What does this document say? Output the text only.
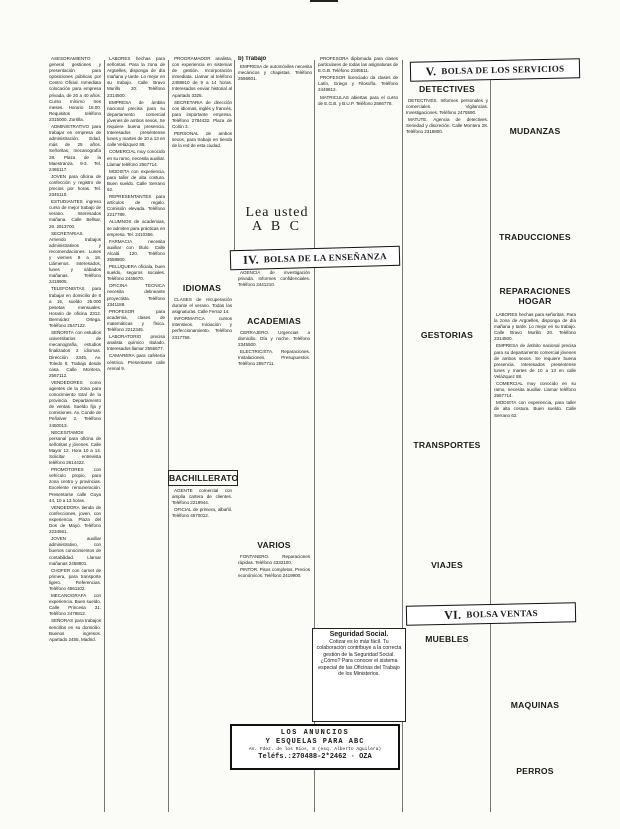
ASESORAMIENTO general gestiones y presentación para oposiciones públicas por Centro Oficial. Inmediata colocación para empresa privada, de 20 a 40 años. Curso mínimo tres meses. Horario 18.00. Requisitos teléfono 2315000. Zorrilla.

ADMINISTRATIVO para trabajar en empresa de administración. Edad, más de 25 años. Señoritas, mecanografía 28. Plaza de la Maestranza. 9-3. Tel. 2465117.

JOVEN para oficina de confección y registro de precios por horas. Tel. 2345110.

ESTUDIANTES ingreso curso de mejor trabajo de verano. Interesados mañana. Calle Bellsar, 26. 2613700.

SECRETARIAS. Arriendo trabajos administrativos y recomendaciones. Lunes y viernes 9 a 18. Llámenos. Interesados, lunes y sábados mañanas. Teléfono 2418905.

TELEFONISTAS para trabajar en domicilio de 8 a 15, sueldo 25.000 pesetas mensuales. Horario de oficina 2312. Bermúdez Ortega. Teléfono 2547122.

SEÑORITA con estudios universitarios de mecanografía, estudios finalizados 2 idiomas. Dirección 2345, Av. Toledo 8. Trabajo desde casa. Calle Montera, 2567112.

VENDEDORES como agentes de la zona para conocimiento total de la provincia. Departamento de ventas. Sueldo fijo y comisiones. Av. Conde de Peñalver 2. Teléfono 2450013.

NECESITAMOS personal para oficina de señoritas y jóvenes. Calle Mayor 12. Hora 10 a 14. Solicitar entrevista teléfono 2614422.

PROMOTORES con vehículo propio, para zona centro y provincias. Excelente remuneración. Presentarse calle Goya 44, 10 a 13 horas.

VENDEDORA tienda de confecciones, joven, con experiencia. Plaza del Dos de Mayo. Teléfono 2234561.

JOVEN auxiliar administrativo, con buenos conocimientos de contabilidad. Llamar mañanas 2458801.

CHOFER con carnet de primera, para transporte ligero. Referencias. Teléfono 4561102.

MECANOGRAFA con experiencia. Buen sueldo. Calle Princesa 31. Teléfono 2478812.

SEÑORAS para trabajos sencillos en su domicilio. Buenos ingresos. Apartado 2455, Madrid.

LABORES hechas para señoritas. Para la zona de Argüelles, disponga de día mañana y tarde. Lo mejor en su trabajo. Calle Bravo Murillo 20. Teléfono 2314500.

EMPRESA de ámbito nacional precisa para su departamento comercial jóvenes de ambos sexos. Se requiere buena presencia. Interesados preséntense lunes y martes de 10 a 13 en calle Velázquez 88.

COMERCIAL muy conocido en su ramo, necesita auxiliar. Llamar teléfono 2567714.

MODISTA con experiencia, para taller de alta costura. Buen sueldo. Calle Serrano 62.

REPRESENTANTES para artículos de regalo. Comisión elevada. Teléfono 2217789.

ALUMNOS de academias, se admiten para prácticas en empresa. Tel. 2410366.

FARMACIA necesita auxiliar con título. Calle Alcalá 120. Teléfono 2558800.

PELUQUERA oficiala, buen sueldo, seguros sociales. Teléfono 2445670.

OFICINA TECNICA necesita delineante proyectista. Teléfono 2341188.

PROFESOR para academia, clases de matemáticas y física. Teléfono 2212345.

LABORATORIO precisa analista químico titulado. Interesados llamar 2556677.

CAMARERA para cafetería céntrica. Presentarse calle Arenal 9.

PROGRAMADOR analista, con experiencia en sistemas de gestión. Incorporación inmediata. Llamar al teléfono 2458810 de 9 a 14 horas. Interesados enviar historial al Apartado 3325.

SECRETARIA de dirección con idiomas, inglés y francés, para importante empresa. Teléfono 2784432. Plaza de Colón 3.

PERSONAL de ambos sexos, para trabajo en tienda de la red de esta ciudad.

b) Trabajo

EMPRESA de automóviles necesita mecánicos y chapistas. Teléfono 2566601.

Lea usted
A B C
IV. BOLSA DE LA ENSEÑANZA
IDIOMAS

CLASES de recuperación durante el verano. Todas las asignaturas. Calle Ferraz 14.

INFORMATICA cursos intensivos. Iniciación y perfeccionamiento. Teléfono 2317756.

BACHILLERATO

AGENTE comercial con amplia cartera de clientes. Teléfono 2219944.

OFICIAL de primera, albañil. Teléfono 4570012.

AGENCIA de investigación privada. Informes confidenciales. Teléfono 2441210.

ACADEMIAS

CERRAJERO. Urgencias a domicilio. Día y noche. Teléfono 2345500.

ELECTRICISTA. Reparaciones. Instalaciones. Presupuestos. Teléfono 2557711.

VARIOS

FONTANERO. Reparaciones rápidas. Teléfono 4332100.

PINTOR. Pisos completos. Precios económicos. Teléfono 2419900.

Seguridad Social.
Cotizar es lo más fácil. Tu colaboración contribuye a la correcta gestión de la Seguridad Social. ¿Cómo? Para conocer el sistema especial de las Oficinas del Trabajo de los Ministerios.
LOS ANUNCIOS
Y ESQUELAS PARA ABC
AV. Fdez. de los Ríos, 8 (esq. Alberto Aguilera)
Teléfs.:270488-2*2462 · OZA

PROFESORA diplomada para clases particulares de todas las asignaturas de E.G.B. Teléfono 2345511.

PROFESOR licenciado da clases de Latín, Griego y Filosofía. Teléfono 2448812.

MATRICULAS abiertas para el curso de E.G.B. y B.U.P. Teléfono 2566778.

V. BOLSA DE LOS SERVICIOS
DETECTIVES

DETECTIVES. Informes personales y comerciales. Vigilancias. Investigaciones. Teléfono 2475590.

MATUTE. Agencia de detectives. Seriedad y discreción. Calle Montera 28. Teléfono 2318800.

GESTORIAS
TRANSPORTES
VIAJES
VI. BOLSA VENTAS
MUEBLES
MUDANZAS
TRADUCCIONES
REPARACIONES
HOGAR

LABORES hechas para señoritas. Para la zona de Argüelles, disponga de día mañana y tarde. Lo mejor en su trabajo. Calle Bravo Murillo 20. Teléfono 2314500.

EMPRESA de ámbito nacional precisa para su departamento comercial jóvenes de ambos sexos. Se requiere buena presencia. Interesados preséntense lunes y martes de 10 a 13 en calle Velázquez 88.

COMERCIAL muy conocido en su ramo, necesita auxiliar. Llamar teléfono 2567714.

MODISTA con experiencia, para taller de alta costura. Buen sueldo. Calle Serrano 62.

MAQUINAS
PERROS
